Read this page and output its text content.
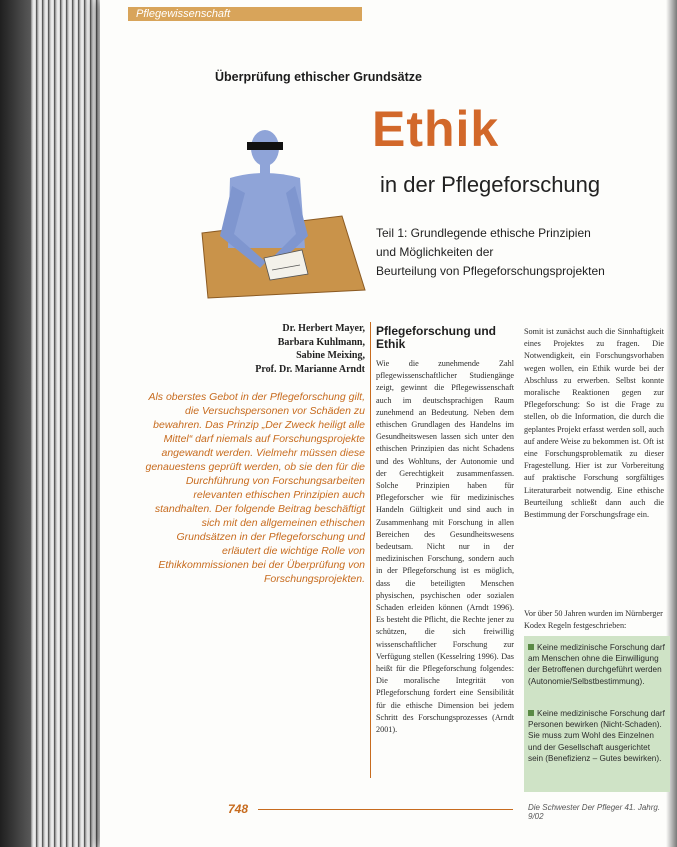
Pflegewissenschaft
Überprüfung ethischer Grundsätze
Ethik
in der Pflegeforschung
Teil 1: Grundlegende ethische Prinzipien
und Möglichkeiten der
Beurteilung von Pflegeforschungsprojekten
Dr. Herbert Mayer,
Barbara Kuhlmann,
Sabine Meixing,
Prof. Dr. Marianne Arndt
Als oberstes Gebot in der Pflegeforschung gilt, die Versuchspersonen vor Schäden zu bewahren. Das Prinzip „Der Zweck heiligt alle Mittel“ darf niemals auf Forschungsprojekte angewandt werden. Vielmehr müssen diese genauestens geprüft werden, ob sie den für die Durchführung von Forschungsarbeiten relevanten ethischen Prinzipien auch standhalten. Der folgende Beitrag beschäftigt sich mit den allgemeinen ethischen Grundsätzen in der Pflegeforschung und erläutert die wichtige Rolle von Ethikkommissionen bei der Überprüfung von Forschungsprojekten.
Pflegeforschung und Ethik
Wie die zunehmende Zahl pflegewissenschaftlicher Studiengänge zeigt, gewinnt die Pflegewissenschaft auch im deutschsprachigen Raum zunehmend an Bedeutung. Neben dem ethischen Grundlagen des Handelns im Gesundheitswesen lassen sich unter den ethischen Prinzipien das nicht Schadens und des Wohltuns, der Autonomie und der Gerechtigkeit zusammenfassen. Solche Prinzipien haben für Pflegeforscher wie für medizinisches Handeln Gültigkeit und sind auch in Zusammenhang mit Forschung in allen Bereichen des Gesundheitswesens bedeutsam. Nicht nur in der medizinischen Forschung, sondern auch in der Pflegeforschung ist es möglich, dass die beteiligten Menschen physischen, psychischen oder sozialen Schaden erleiden können (Arndt 1996). Es besteht die Pflicht, die Rechte jener zu schützen, die sich freiwillig wissenschaftlicher Forschung zur Verfügung stellen (Kesselring 1996). Das heißt für die Pflegeforschung folgendes: Die moralische Integrität von Pflegeforschung fordert eine Sensibilität für die ethische Dimension bei jedem Schritt des Forschungsprozesses (Arndt 2001).
Somit ist zunächst auch die Sinnhaftigkeit eines Projektes zu fragen. Die Notwendigkeit, ein Forschungsvorhaben wegen wollen, ein Ethik wurde bei der Abschluss zu erwerben. Selbst konnte moralische Reaktionen gegen zur Pflegeforschung: So ist die Frage zu stellen, ob die Information, die durch die geplantes Projekt erfasst werden soll, auch auf andere Weise zu bekommen ist. Oft ist eine Forschungsproblematik zu dieser Fragestellung. Hier ist zur Vorbereitung auf praktische Forschung sorgfältiges Literaturarbeit notwendig. Eine ethische Beurteilung schließt dann auch die Bestimmung der Forschungsfrage ein.
Vor über 50 Jahren wurden im Nürnberger Kodex Regeln festgeschrieben:
Keine medizinische Forschung darf am Menschen ohne die Einwilligung der Betroffenen durchgeführt werden (Autonomie/Selbstbestimmung).
Keine medizinische Forschung darf Personen bewirken (Nicht-Schaden). Sie muss zum Wohl des Einzelnen und der Gesellschaft ausgerichtet sein (Benefizienz – Gutes bewirken).
748	Die Schwester Der Pfleger 41. Jahrg. 9/02
